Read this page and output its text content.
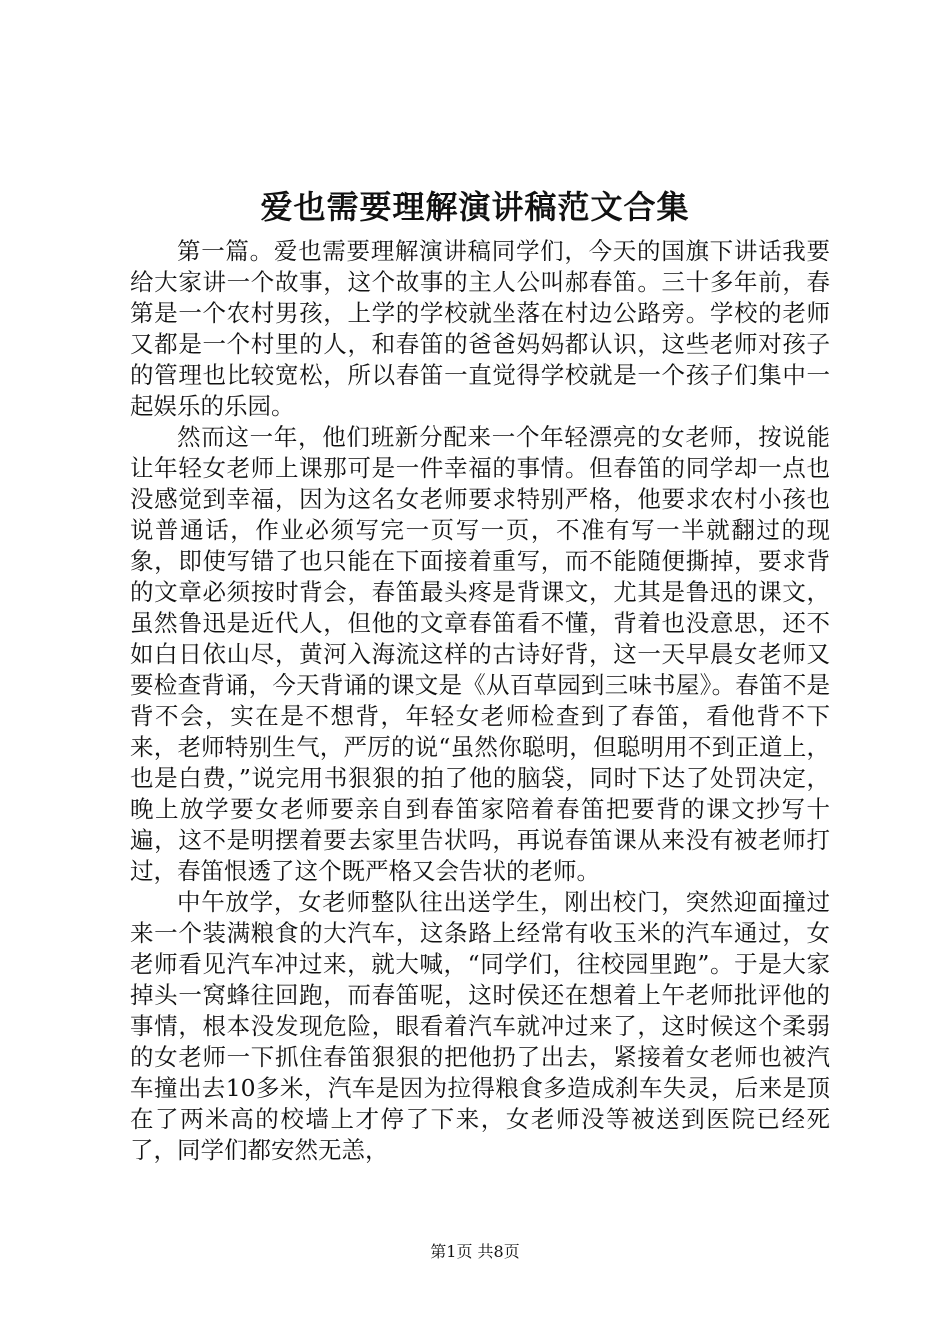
爱也需要理解演讲稿范文合集

第一篇。爱也需要理解演讲稿同学们，今天的国旗下讲话我要给大家讲一个故事，这个故事的主人公叫郝春笛。三十多年前，春第是一个农村男孩，上学的学校就坐落在村边公路旁。学校的老师又都是一个村里的人，和春笛的爸爸妈妈都认识，这些老师对孩子的管理也比较宽松，所以春笛一直觉得学校就是一个孩子们集中一起娱乐的乐园。

然而这一年，他们班新分配来一个年轻漂亮的女老师，按说能让年轻女老师上课那可是一件幸福的事情。但春笛的同学却一点也没感觉到幸福，因为这名女老师要求特别严格，他要求农村小孩也说普通话，作业必须写完一页写一页，不准有写一半就翻过的现象，即使写错了也只能在下面接着重写，而不能随便撕掉，要求背的文章必须按时背会，春笛最头疼是背课文，尤其是鲁迅的课文，虽然鲁迅是近代人，但他的文章春笛看不懂，背着也没意思，还不如白日依山尽，黄河入海流这样的古诗好背，这一天早晨女老师又要检查背诵，今天背诵的课文是《从百草园到三味书屋》。春笛不是背不会，实在是不想背，年轻女老师检查到了春笛，看他背不下来，老师特别生气，严厉的说“虽然你聪明，但聪明用不到正道上，也是白费，”说完用书狠狠的拍了他的脑袋，同时下达了处罚决定，晚上放学要女老师要亲自到春笛家陪着春笛把要背的课文抄写十遍，这不是明摆着要去家里告状吗，再说春笛课从来没有被老师打过，春笛恨透了这个既严格又会告状的老师。

中午放学，女老师整队往出送学生，刚出校门，突然迎面撞过来一个装满粮食的大汽车，这条路上经常有收玉米的汽车通过，女老师看见汽车冲过来，就大喊，“同学们，往校园里跑”。于是大家掉头一窝蜂往回跑，而春笛呢，这时侯还在想着上午老师批评他的事情，根本没发现危险，眼看着汽车就冲过来了，这时候这个柔弱的女老师一下抓住春笛狠狠的把他扔了出去，紧接着女老师也被汽车撞出去10多米，汽车是因为拉得粮食多造成刹车失灵，后来是顶在了两米高的校墙上才停了下来，女老师没等被送到医院已经死了，同学们都安然无恙，

第1页 共8页
